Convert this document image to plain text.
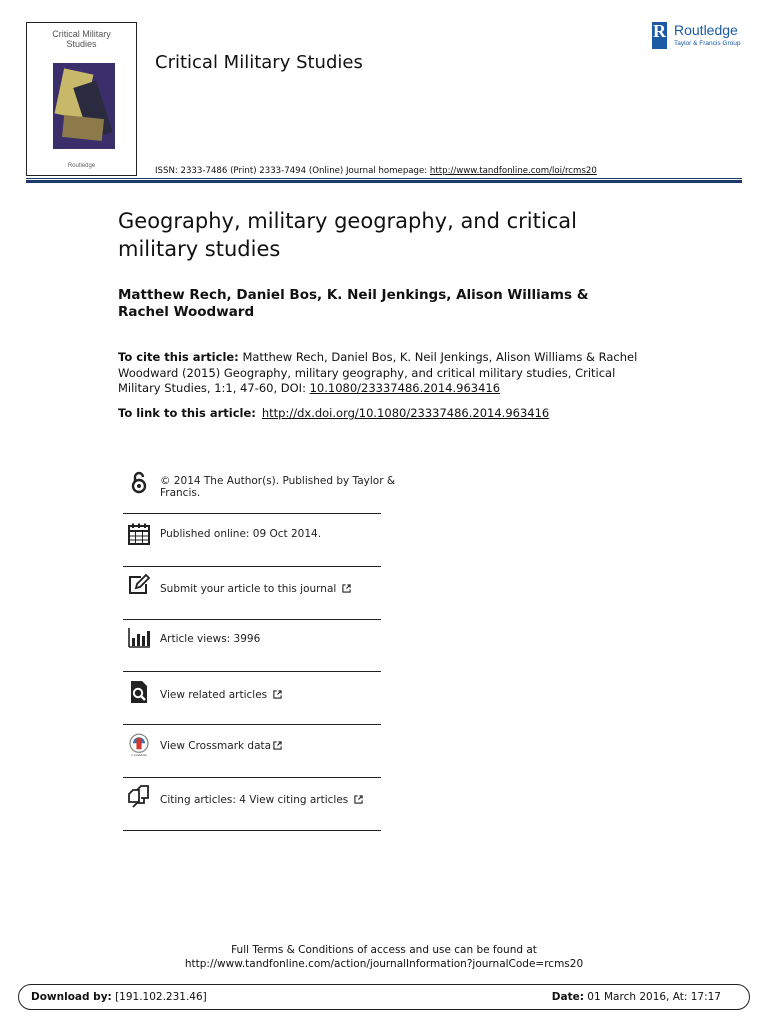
Critical Military Studies
Routledge
Critical Military Studies
ISSN: 2333-7486 (Print) 2333-7494 (Online) Journal homepage: http://www.tandfonline.com/loi/rcms20
R Routledge
Taylor & Francis Group
Geography, military geography, and critical military studies
Matthew Rech, Daniel Bos, K. Neil Jenkings, Alison Williams & Rachel Woodward
To cite this article: Matthew Rech, Daniel Bos, K. Neil Jenkings, Alison Williams & Rachel Woodward (2015) Geography, military geography, and critical military studies, Critical Military Studies, 1:1, 47-60, DOI: 10.1080/23337486.2014.963416
To link to this article: http://dx.doi.org/10.1080/23337486.2014.963416
© 2014 The Author(s). Published by Taylor &
Francis.
Published online: 09 Oct 2014.
Submit your article to this journal
Article views: 3996
View related articles
CrossMark
View Crossmark data
Citing articles: 4 View citing articles
Full Terms & Conditions of access and use can be found at
http://www.tandfonline.com/action/journalInformation?journalCode=rcms20
Download by: [191.102.231.46]	Date: 01 March 2016, At: 17:17
